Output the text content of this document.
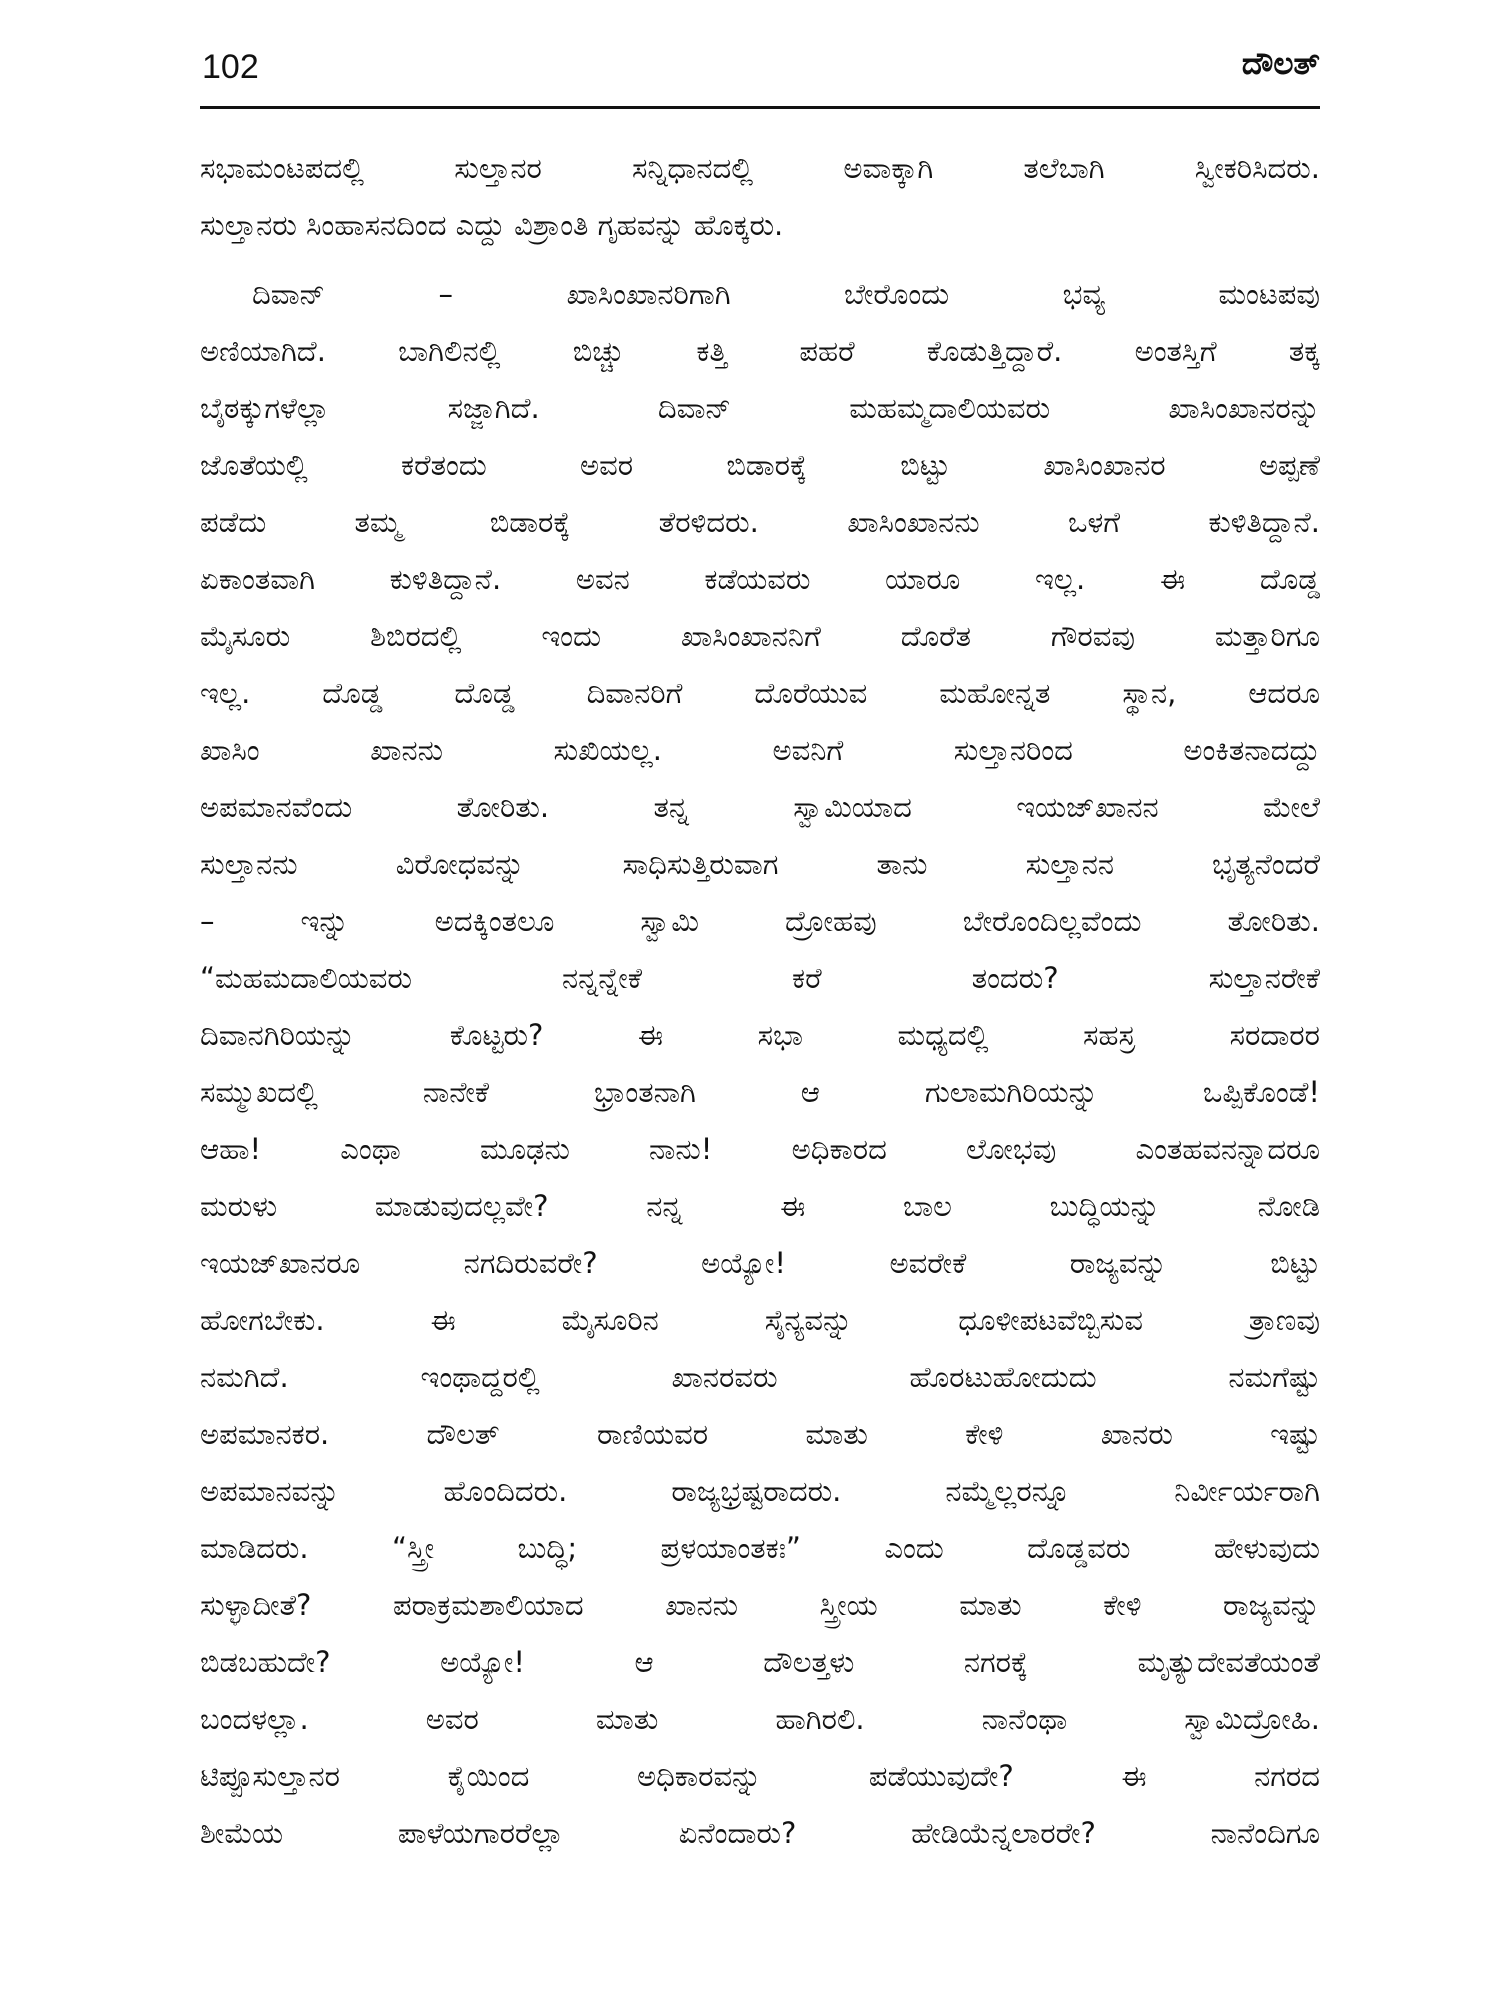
102	ದೌಲತ್

ಸಭಾಮಂಟಪದಲ್ಲಿ ಸುಲ್ತಾನರ ಸನ್ನಿಧಾನದಲ್ಲಿ ಅವಾಕ್ಕಾಗಿ ತಲೆಬಾಗಿ ಸ್ವೀಕರಿಸಿದರು.

ಸುಲ್ತಾನರು ಸಿಂಹಾಸನದಿಂದ ಎದ್ದು ವಿಶ್ರಾಂತಿ ಗೃಹವನ್ನು ಹೊಕ್ಕರು.

ದಿವಾನ್ – ಖಾಸಿಂಖಾನರಿಗಾಗಿ ಬೇರೊಂದು ಭವ್ಯ ಮಂಟಪವು

ಅಣಿಯಾಗಿದೆ. ಬಾಗಿಲಿನಲ್ಲಿ ಬಿಚ್ಚು ಕತ್ತಿ ಪಹರೆ ಕೊಡುತ್ತಿದ್ದಾರೆ. ಅಂತಸ್ತಿಗೆ ತಕ್ಕ

ಬೈಠಕ್ಕುಗಳೆಲ್ಲಾ ಸಜ್ಜಾಗಿದೆ. ದಿವಾನ್ ಮಹಮ್ಮದಾಲಿಯವರು ಖಾಸಿಂಖಾನರನ್ನು

ಜೊತೆಯಲ್ಲಿ ಕರೆತಂದು ಅವರ ಬಿಡಾರಕ್ಕೆ ಬಿಟ್ಟು ಖಾಸಿಂಖಾನರ ಅಪ್ಪಣೆ

ಪಡೆದು ತಮ್ಮ ಬಿಡಾರಕ್ಕೆ ತೆರಳಿದರು. ಖಾಸಿಂಖಾನನು ಒಳಗೆ ಕುಳಿತಿದ್ದಾನೆ.

ಏಕಾಂತವಾಗಿ ಕುಳಿತಿದ್ದಾನೆ. ಅವನ ಕಡೆಯವರು ಯಾರೂ ಇಲ್ಲ. ಈ ದೊಡ್ಡ

ಮೈಸೂರು ಶಿಬಿರದಲ್ಲಿ ಇಂದು ಖಾಸಿಂಖಾನನಿಗೆ ದೊರೆತ ಗೌರವವು ಮತ್ತಾರಿಗೂ

ಇಲ್ಲ. ದೊಡ್ಡ ದೊಡ್ಡ ದಿವಾನರಿಗೆ ದೊರೆಯುವ ಮಹೋನ್ನತ ಸ್ಥಾನ, ಆದರೂ

ಖಾಸಿಂ ಖಾನನು ಸುಖಿಯಲ್ಲ. ಅವನಿಗೆ ಸುಲ್ತಾನರಿಂದ ಅಂಕಿತನಾದದ್ದು

ಅಪಮಾನವೆಂದು ತೋರಿತು. ತನ್ನ ಸ್ವಾಮಿಯಾದ ಇಯಜ್‌ಖಾನನ ಮೇಲೆ

ಸುಲ್ತಾನನು ವಿರೋಧವನ್ನು ಸಾಧಿಸುತ್ತಿರುವಾಗ ತಾನು ಸುಲ್ತಾನನ ಭೃತ್ಯನೆಂದರೆ

– ಇನ್ನು ಅದಕ್ಕಿಂತಲೂ ಸ್ವಾಮಿ ದ್ರೋಹವು ಬೇರೊಂದಿಲ್ಲವೆಂದು ತೋರಿತು.

“ಮಹಮದಾಲಿಯವರು ನನ್ನನ್ನೇಕೆ ಕರೆ ತಂದರು? ಸುಲ್ತಾನರೇಕೆ

ದಿವಾನಗಿರಿಯನ್ನು ಕೊಟ್ಟರು? ಈ ಸಭಾ ಮಧ್ಯದಲ್ಲಿ ಸಹಸ್ರ ಸರದಾರರ

ಸಮ್ಮುಖದಲ್ಲಿ ನಾನೇಕೆ ಭ್ರಾಂತನಾಗಿ ಆ ಗುಲಾಮಗಿರಿಯನ್ನು ಒಪ್ಪಿಕೊಂಡೆ!

ಆಹಾ! ಎಂಥಾ ಮೂಢನು ನಾನು! ಅಧಿಕಾರದ ಲೋಭವು ಎಂತಹವನನ್ನಾದರೂ

ಮರುಳು ಮಾಡುವುದಲ್ಲವೇ? ನನ್ನ ಈ ಬಾಲ ಬುದ್ಧಿಯನ್ನು ನೋಡಿ

ಇಯಜ್‌ಖಾನರೂ ನಗದಿರುವರೇ? ಅಯ್ಯೋ! ಅವರೇಕೆ ರಾಜ್ಯವನ್ನು ಬಿಟ್ಟು

ಹೋಗಬೇಕು. ಈ ಮೈಸೂರಿನ ಸೈನ್ಯವನ್ನು ಧೂಳೀಪಟವೆಬ್ಬಿಸುವ ತ್ರಾಣವು

ನಮಗಿದೆ. ಇಂಥಾದ್ದರಲ್ಲಿ ಖಾನರವರು ಹೊರಟುಹೋದುದು ನಮಗೆಷ್ಟು

ಅಪಮಾನಕರ. ದೌಲತ್ ರಾಣಿಯವರ ಮಾತು ಕೇಳಿ ಖಾನರು ಇಷ್ಟು

ಅಪಮಾನವನ್ನು ಹೊಂದಿದರು. ರಾಜ್ಯಭ್ರಷ್ಟರಾದರು. ನಮ್ಮೆಲ್ಲರನ್ನೂ ನಿರ್ವೀರ್ಯರಾಗಿ

ಮಾಡಿದರು. “ಸ್ತ್ರೀ ಬುದ್ಧಿ; ಪ್ರಳಯಾಂತಕಃ” ಎಂದು ದೊಡ್ಡವರು ಹೇಳುವುದು

ಸುಳ್ಳಾದೀತೆ? ಪರಾಕ್ರಮಶಾಲಿಯಾದ ಖಾನನು ಸ್ತ್ರೀಯ ಮಾತು ಕೇಳಿ ರಾಜ್ಯವನ್ನು

ಬಿಡಬಹುದೇ? ಅಯ್ಯೋ! ಆ ದೌಲತ್ತಳು ನಗರಕ್ಕೆ ಮೃತ್ಯುದೇವತೆಯಂತೆ

ಬಂದಳಲ್ಲಾ. ಅವರ ಮಾತು ಹಾಗಿರಲಿ. ನಾನೆಂಥಾ ಸ್ವಾಮಿದ್ರೋಹಿ.

ಟಿಪ್ಪೂಸುಲ್ತಾನರ ಕೈಯಿಂದ ಅಧಿಕಾರವನ್ನು ಪಡೆಯುವುದೇ? ಈ ನಗರದ

ಶೀಮೆಯ ಪಾಳೆಯಗಾರರೆಲ್ಲಾ ಏನೆಂದಾರು? ಹೇಡಿಯೆನ್ನಲಾರರೇ? ನಾನೆಂದಿಗೂ
